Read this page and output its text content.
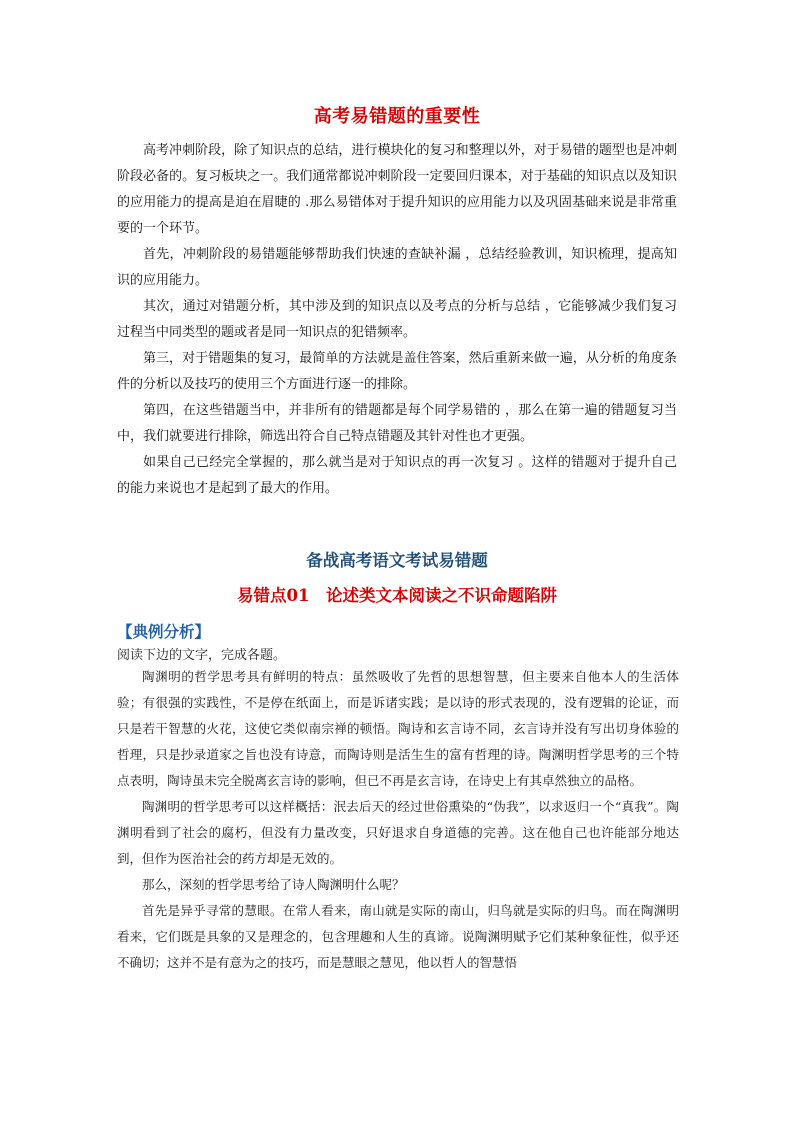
高考易错题的重要性

高考冲刺阶段，除了知识点的总结，进行模块化的复习和整理以外，对于易错的题型也是冲刺阶段必备的。复习板块之一。我们通常都说冲刺阶段一定要回归课本，对于基础的知识点以及知识的应用能力的提高是迫在眉睫的 .那么易错体对于提升知识的应用能力以及巩固基础来说是非常重要的一个环节。

首先，冲刺阶段的易错题能够帮助我们快速的查缺补漏 ，总结经验教训，知识梳理，提高知识的应用能力。

其次，通过对错题分析，其中涉及到的知识点以及考点的分析与总结 ，它能够减少我们复习过程当中同类型的题或者是同一知识点的犯错频率。

第三，对于错题集的复习，最简单的方法就是盖住答案，然后重新来做一遍，从分析的角度条件的分析以及技巧的使用三个方面进行逐一的排除。

第四，在这些错题当中，并非所有的错题都是每个同学易错的 ，那么在第一遍的错题复习当中，我们就要进行排除，筛选出符合自己特点错题及其针对性也才更强。

如果自己已经完全掌握的，那么就当是对于知识点的再一次复习 。这样的错题对于提升自己的能力来说也才是起到了最大的作用。

备战高考语文考试易错题
易错点01　论述类文本阅读之不识命题陷阱
【典例分析】
阅读下边的文字，完成各题。

陶渊明的哲学思考具有鲜明的特点：虽然吸收了先哲的思想智慧，但主要来自他本人的生活体验；有很强的实践性，不是停在纸面上，而是诉诸实践；是以诗的形式表现的，没有逻辑的论证，而只是若干智慧的火花，这使它类似南宗禅的顿悟。陶诗和玄言诗不同，玄言诗并没有写出切身体验的哲理，只是抄录道家之旨也没有诗意，而陶诗则是活生生的富有哲理的诗。陶渊明哲学思考的三个特点表明，陶诗虽未完全脱离玄言诗的影响，但已不再是玄言诗，在诗史上有其卓然独立的品格。

陶渊明的哲学思考可以这样概括：泯去后天的经过世俗熏染的“伪我”，以求返归一个“真我”。陶渊明看到了社会的腐朽，但没有力量改变，只好退求自身道德的完善。这在他自己也许能部分地达到，但作为医治社会的药方却是无效的。

那么，深刻的哲学思考给了诗人陶渊明什么呢？

首先是异乎寻常的慧眼。在常人看来，南山就是实际的南山，归鸟就是实际的归鸟。而在陶渊明看来，它们既是具象的又是理念的，包含理趣和人生的真谛。说陶渊明赋予它们某种象征性，似乎还不确切；这并不是有意为之的技巧，而是慧眼之慧见，他以哲人的智慧悟
